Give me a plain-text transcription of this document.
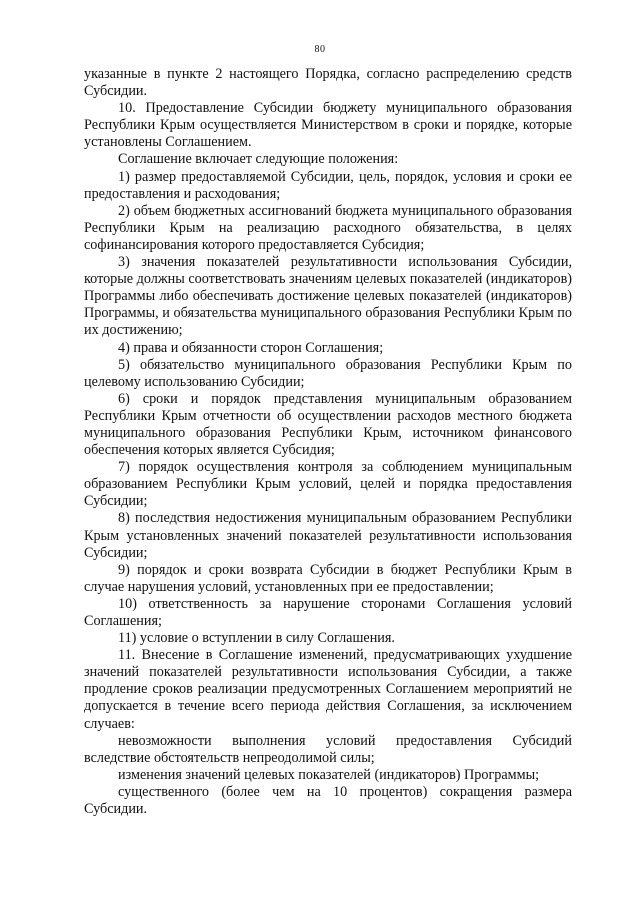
80

указанные в пункте 2 настоящего Порядка, согласно распределению средств Субсидии.

10. Предоставление Субсидии бюджету муниципального образования Республики Крым осуществляется Министерством в сроки и порядке, которые установлены Соглашением.

Соглашение включает следующие положения:

1) размер предоставляемой Субсидии, цель, порядок, условия и сроки ее предоставления и расходования;

2) объем бюджетных ассигнований бюджета муниципального образования Республики Крым на реализацию расходного обязательства, в целях софинансирования которого предоставляется Субсидия;

3) значения показателей результативности использования Субсидии, которые должны соответствовать значениям целевых показателей (индикаторов) Программы либо обеспечивать достижение целевых показателей (индикаторов) Программы, и обязательства муниципального образования Республики Крым по их достижению;

4) права и обязанности сторон Соглашения;

5) обязательство муниципального образования Республики Крым по целевому использованию Субсидии;

6) сроки и порядок представления муниципальным образованием Республики Крым отчетности об осуществлении расходов местного бюджета муниципального образования Республики Крым, источником финансового обеспечения которых является Субсидия;

7) порядок осуществления контроля за соблюдением муниципальным образованием Республики Крым условий, целей и порядка предоставления Субсидии;

8) последствия недостижения муниципальным образованием Республики Крым установленных значений показателей результативности использования Субсидии;

9) порядок и сроки возврата Субсидии в бюджет Республики Крым в случае нарушения условий, установленных при ее предоставлении;

10) ответственность за нарушение сторонами Соглашения условий Соглашения;

11) условие о вступлении в силу Соглашения.

11. Внесение в Соглашение изменений, предусматривающих ухудшение значений показателей результативности использования Субсидии, а также продление сроков реализации предусмотренных Соглашением мероприятий не допускается в течение всего периода действия Соглашения, за исключением случаев:

невозможности выполнения условий предоставления Субсидий вследствие обстоятельств непреодолимой силы;

изменения значений целевых показателей (индикаторов) Программы;

существенного (более чем на 10 процентов) сокращения размера Субсидии.
